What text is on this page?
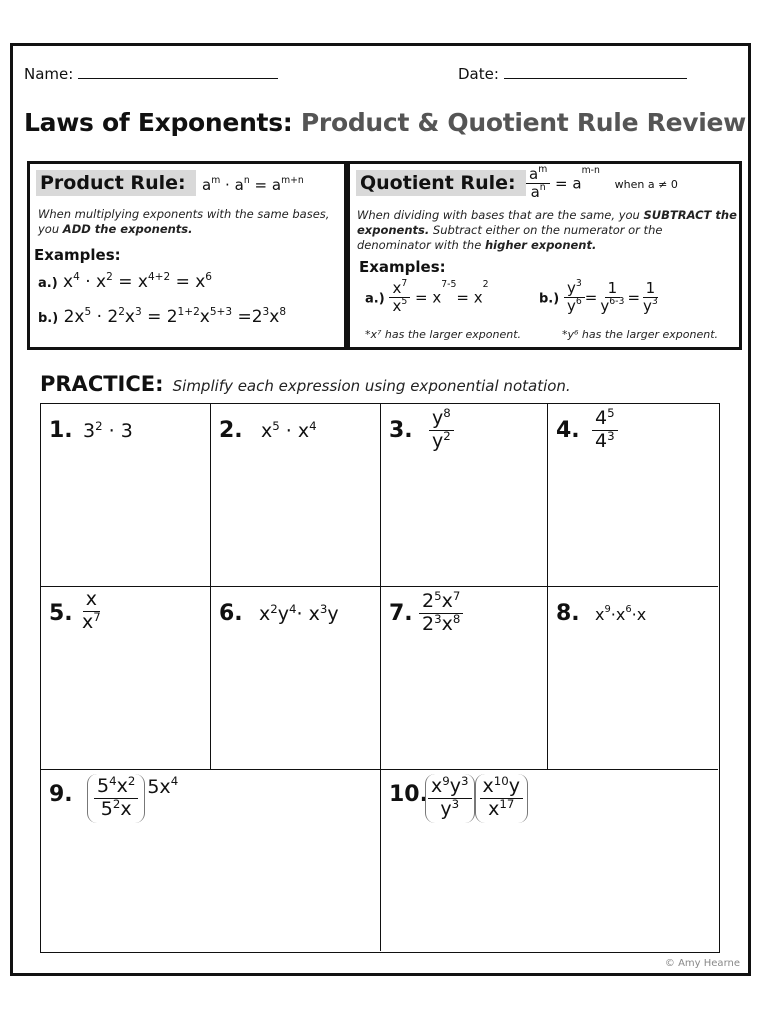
Name:	Date:
Laws of Exponents: Product & Quotient Rule Review
Product Rule:	$a^m \cdot a^n = a^{m+n}$
When multiplying exponents with the same bases, you ADD the exponents.
Examples:
a.) $x^4 \cdot x^2 = x^{4+2} = x^6$
b.) $2x^5 \cdot 2^2x^3 = 2^{1+2}x^{5+3} =2^3x^8$
Quotient Rule: $\frac{a^m}{a^n} = a^{m-n}$ when a ≠ 0
When dividing with bases that are the same, you SUBTRACT the exponents. Subtract either on the numerator or the denominator with the higher exponent.
Examples:
$a.) \frac{x^7}{x^5} = x^{7-5}= x^2$
$b.) \frac{y^3}{y^6} = \frac{1}{y^{6-3}} = \frac{1}{y^3}$
*x⁷ has the larger exponent.	*y⁶ has the larger exponent.
PRACTICE: Simplify each expression using exponential notation.
1. $3^2 \cdot 3$	2. $x^5 \cdot x^4$	3. $\frac{y^8}{y^2}$	4. $\frac{4^5}{4^3}$
5. $\frac{x}{x^7}$	6. $x^2y^4\cdot x^3y$ 7. $\frac{2^5x^7}{2^3x^8}$	8. $x^9\cdot x^6\cdot x$
9. $\frac{5^4x^2}{5^2x} 5x^4$
10. $\frac{x^9y^3}{y^3} \frac{x^{10}y}{x^{17}}$
© Amy Hearne
